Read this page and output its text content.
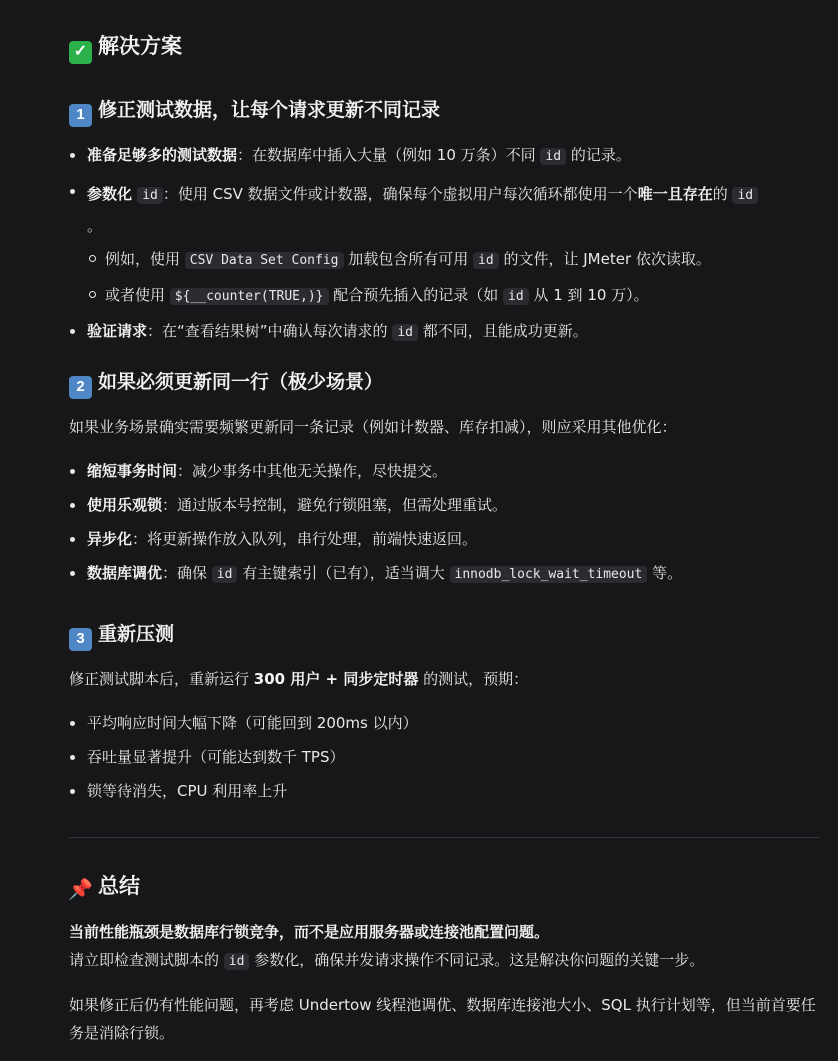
✓ 解决方案
1 修正测试数据，让每个请求更新不同记录
准备足够多的测试数据：在数据库中插入大量（例如 10 万条）不同 id 的记录。
参数化 id ：使用 CSV 数据文件或计数器，确保每个虚拟用户每次循环都使用一个唯一且存在的 id
。
例如，使用 CSV Data Set Config 加载包含所有可用 id 的文件，让 JMeter 依次读取。
或者使用 ${__counter(TRUE,)} 配合预先插入的记录（如 id 从 1 到 10 万）。
验证请求：在“查看结果树”中确认每次请求的 id 都不同，且能成功更新。
2 如果必须更新同一行（极少场景）

如果业务场景确实需要频繁更新同一条记录（例如计数器、库存扣减），则应采用其他优化：

缩短事务时间：减少事务中其他无关操作，尽快提交。
使用乐观锁：通过版本号控制，避免行锁阻塞，但需处理重试。
异步化：将更新操作放入队列，串行处理，前端快速返回。
数据库调优：确保 id 有主键索引（已有），适当调大 innodb_lock_wait_timeout 等。
3 重新压测

修正测试脚本后，重新运行 300 用户 + 同步定时器 的测试，预期：

平均响应时间大幅下降（可能回到 200ms 以内）
吞吐量显著提升（可能达到数千 TPS）
锁等待消失，CPU 利用率上升
📌 总结

当前性能瓶颈是数据库行锁竞争，而不是应用服务器或连接池配置问题。

请立即检查测试脚本的 id 参数化，确保并发请求操作不同记录。这是解决你问题的关键一步。

如果修正后仍有性能问题，再考虑 Undertow 线程池调优、数据库连接池大小、SQL 执行计划等，但当前首要任务是消除行锁。
